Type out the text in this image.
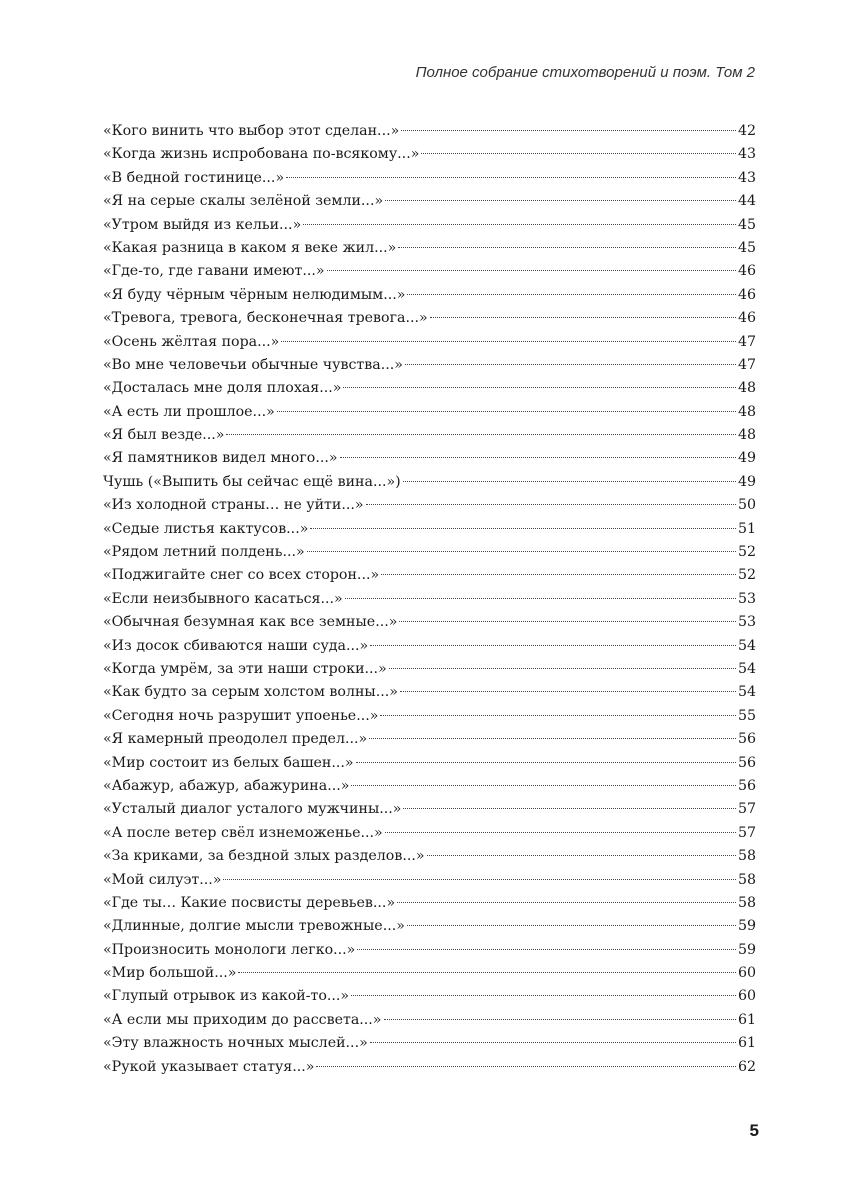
Полное собрание стихотворений и поэм. Том 2

«Кого винить что выбор этот сделан...»	42
«Когда жизнь испробована по-всякому...»	43
«В бедной гостинице...»	43
«Я на серые скалы зелёной земли...»	44
«Утром выйдя из кельи...»	45
«Какая разница в каком я веке жил...»	45
«Где-то, где гавани имеют...»	46
«Я буду чёрным чёрным нелюдимым...»	46
«Тревога, тревога, бесконечная тревога...»	46
«Осень жёлтая пора...»	47
«Во мне человечьи обычные чувства...»	47
«Досталась мне доля плохая...»	48
«А есть ли прошлое...»	48
«Я был везде...»	48
«Я памятников видел много...»	49
Чушь («Выпить бы сейчас ещё вина...»)	49
«Из холодной страны… не уйти...»	50
«Седые листья кактусов...»	51
«Рядом летний полдень...»	52
«Поджигайте снег со всех сторон...»	52
«Если неизбывного касаться...»	53
«Обычная безумная как все земные...»	53
«Из досок сбиваются наши суда...»	54
«Когда умрём, за эти наши строки...»	54
«Как будто за серым холстом волны...»	54
«Сегодня ночь разрушит упоенье...»	55
«Я камерный преодолел предел...»	56
«Мир состоит из белых башен...»	56
«Абажур, абажур, абажурина...»	56
«Усталый диалог усталого мужчины...»	57
«А после ветер свёл изнеможенье...»	57
«За криками, за бездной злых разделов...»	58
«Мой силуэт...»	58
«Где ты… Какие посвисты деревьев...»	58
«Длинные, долгие мысли тревожные...»	59
«Произносить монологи легко...»	59
«Мир большой...»	60
«Глупый отрывок из какой-то...»	60
«А если мы приходим до рассвета...»	61
«Эту влажность ночных мыслей...»	61
«Рукой указывает статуя...»	62

5
